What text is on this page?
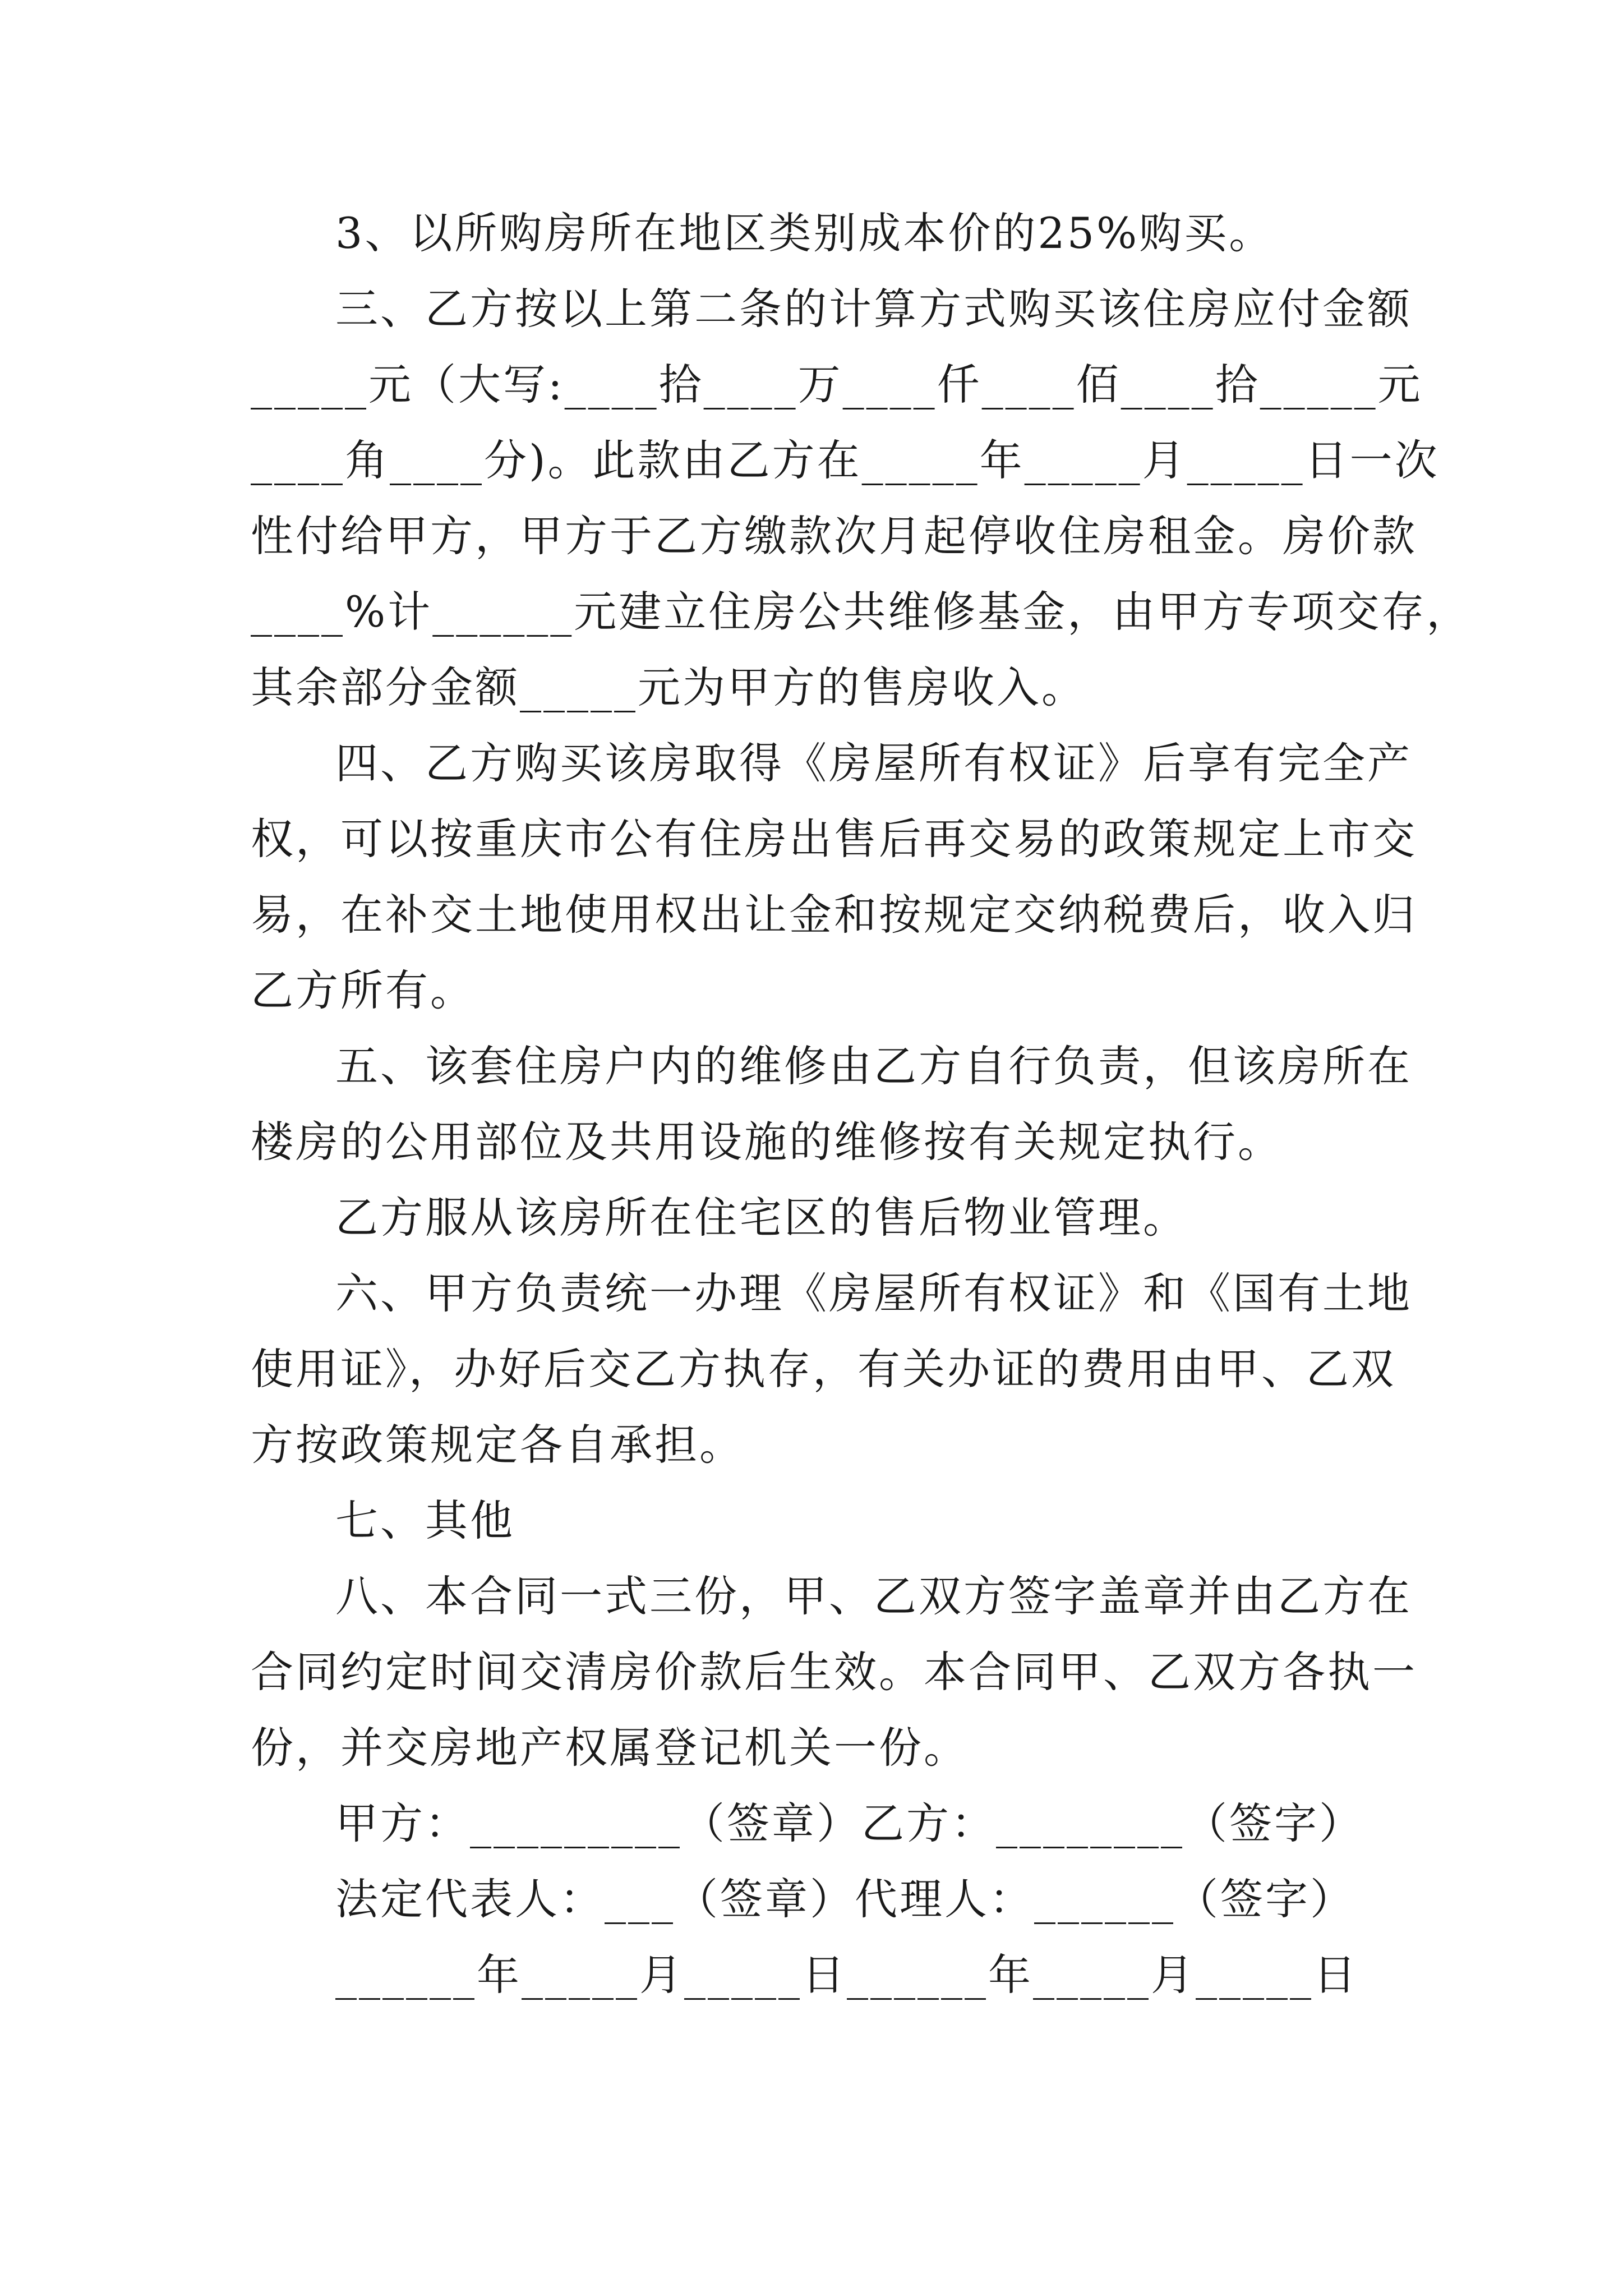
3、以所购房所在地区类别成本价的25%购买。
三、乙方按以上第二条的计算方式购买该住房应付金额
_____元（大写:____拾____万____仟____佰____拾_____元
____角____分)。此款由乙方在_____年_____月_____日一次
性付给甲方，甲方于乙方缴款次月起停收住房租金。房价款
____%计______元建立住房公共维修基金，由甲方专项交存，
其余部分金额_____元为甲方的售房收入。
四、乙方购买该房取得《房屋所有权证》后享有完全产
权，可以按重庆市公有住房出售后再交易的政策规定上市交
易，在补交土地使用权出让金和按规定交纳税费后，收入归
乙方所有。
五、该套住房户内的维修由乙方自行负责，但该房所在
楼房的公用部位及共用设施的维修按有关规定执行。
乙方服从该房所在住宅区的售后物业管理。
六、甲方负责统一办理《房屋所有权证》和《国有土地
使用证》，办好后交乙方执存，有关办证的费用由甲、乙双
方按政策规定各自承担。
七、其他
八、本合同一式三份，甲、乙双方签字盖章并由乙方在
合同约定时间交清房价款后生效。本合同甲、乙双方各执一
份，并交房地产权属登记机关一份。
甲方：_________（签章）乙方：________（签字）
法定代表人：___（签章）代理人：______（签字）
______年_____月_____日______年_____月_____日
